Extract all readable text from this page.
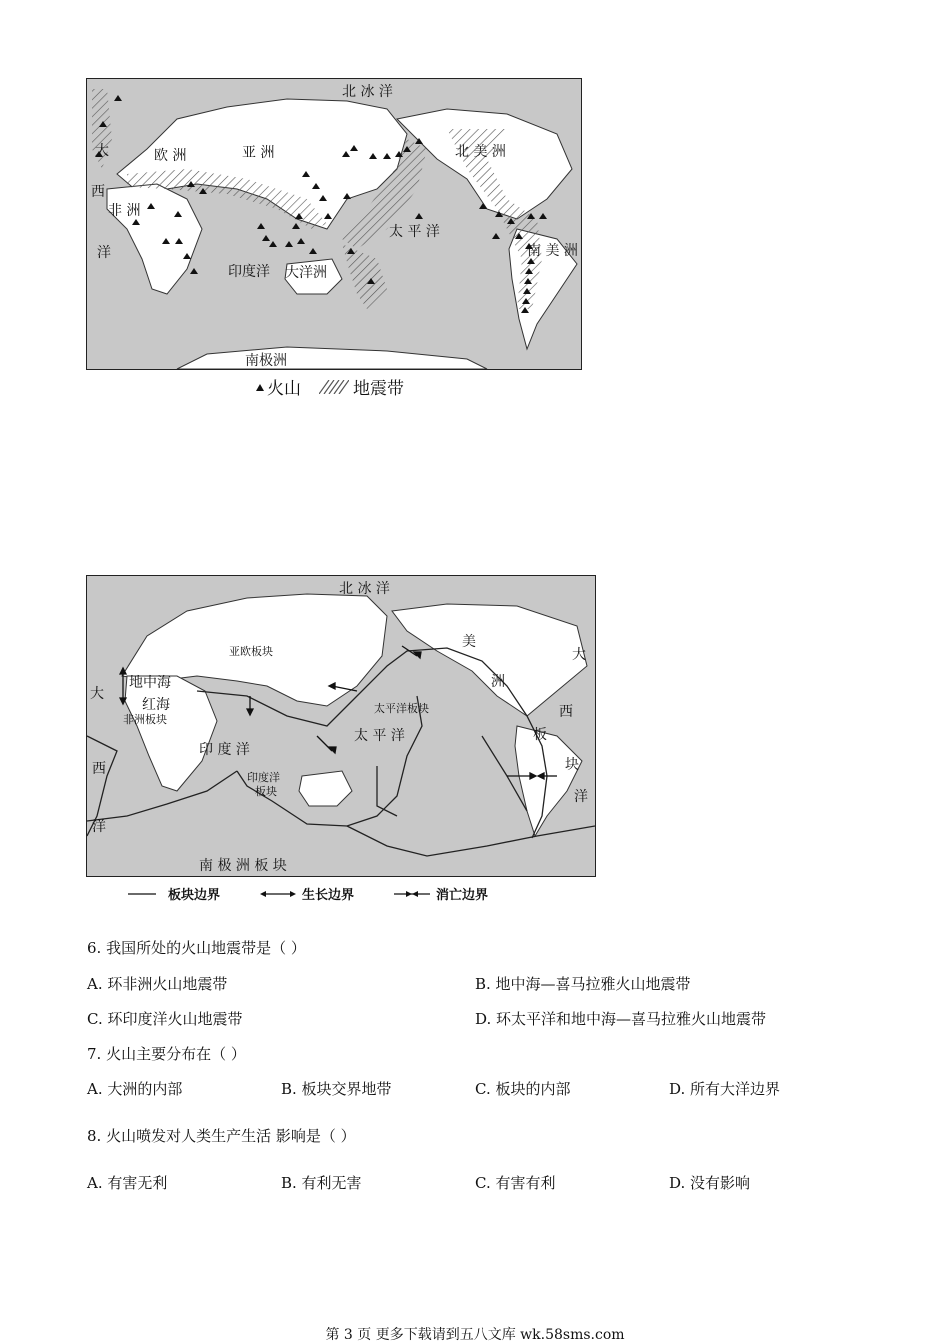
北 冰 洋
亚 洲
欧 洲	北 美 洲
大
西
洋
非 洲
太 平 洋
南 美 洲
印度洋 大洋洲
南极洲
火山	地震带
北 冰 洋
亚欧板块
地中海
红海
非洲板块
太平洋板块
太 平 洋
印 度 洋
印度洋
板块
美
洲
板
块
大
西
洋
大
西
洋
南 极 洲 板 块
板块边界	生长边界	消亡边界
6. 我国所处的火山地震带是（ ）
A. 环非洲火山地震带	B. 地中海—喜马拉雅火山地震带
C. 环印度洋火山地震带	D. 环太平洋和地中海—喜马拉雅火山地震带
7. 火山主要分布在（ ）
A. 大洲的内部	B. 板块交界地带	C. 板块的内部	D. 所有大洋边界
8. 火山喷发对人类生产生活 影响是（ ）
A. 有害无利	B. 有利无害	C. 有害有利	D. 没有影响
第 3 页 更多下载请到五八文库 wk.58sms.com
